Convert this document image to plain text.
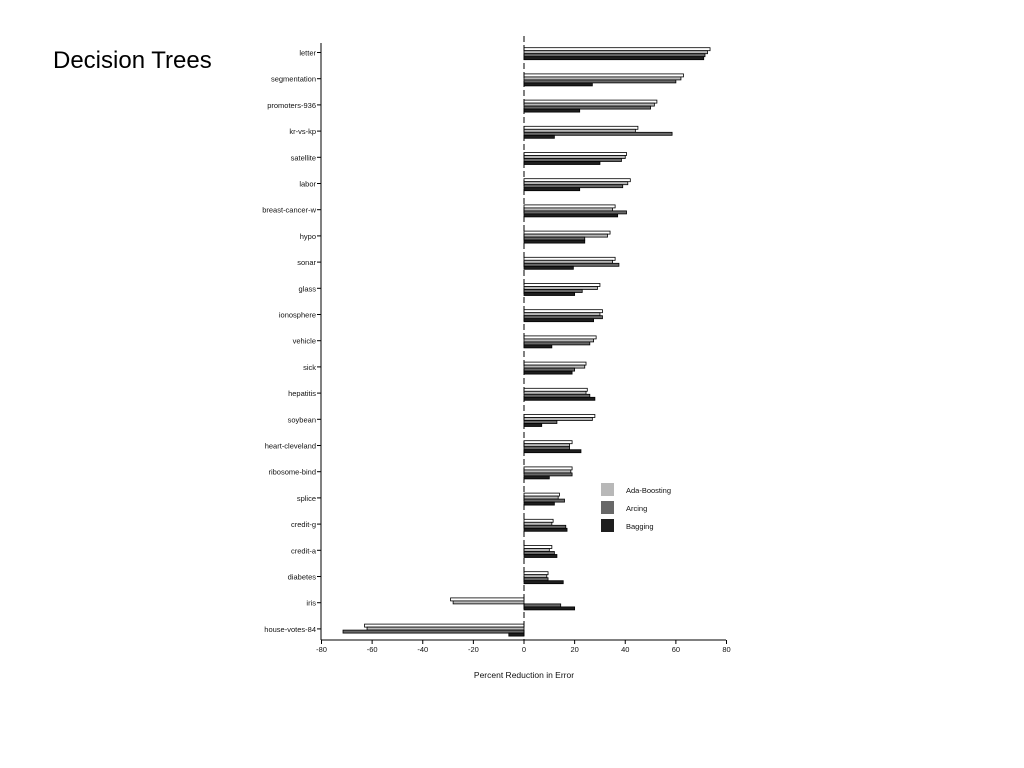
Decision Trees	letter
segmentation
promoters-936
kr-vs-kp
satellite
labor
breast-cancer-w
hypo
sonar
glass
ionosphere
vehicle
sick
hepatitis
soybean
heart-cleveland
ribosome-bind
splice
credit-g
credit-a
diabetes
iris
house-votes-84
-80	-60	-40	-20	0	20	40	60	80
Ada-Boosting
Arcing
Bagging
Percent Reduction in Error
